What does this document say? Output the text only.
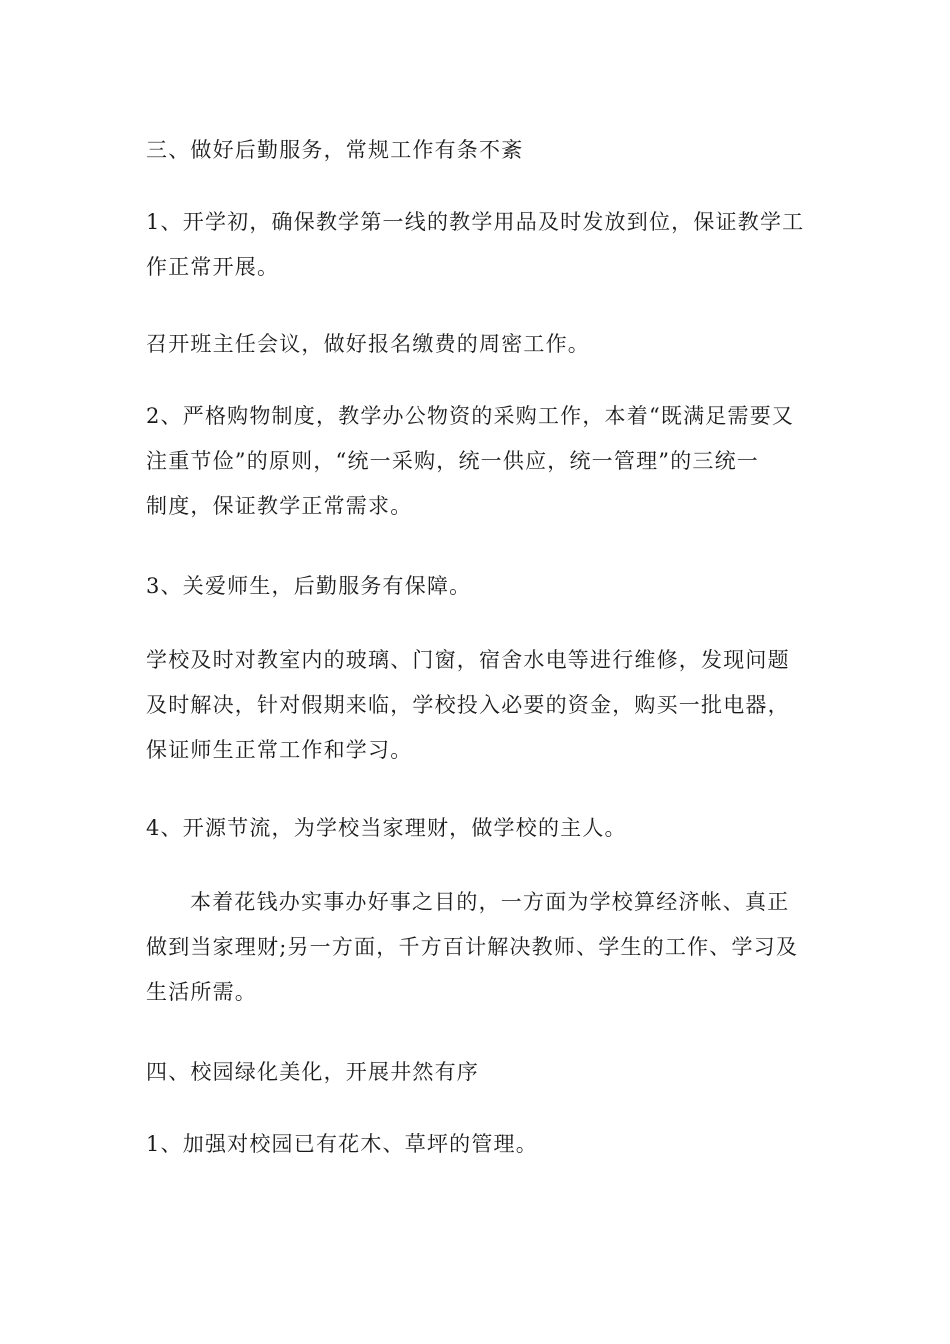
三、做好后勤服务，常规工作有条不紊

1、开学初，确保教学第一线的教学用品及时发放到位，保证教学工
作正常开展。

召开班主任会议，做好报名缴费的周密工作。

2、严格购物制度，教学办公物资的采购工作，本着“既满足需要又
注重节俭”的原则，“统一采购，统一供应，统一管理”的三统一
制度，保证教学正常需求。

3、关爱师生，后勤服务有保障。

学校及时对教室内的玻璃、门窗，宿舍水电等进行维修，发现问题
及时解决，针对假期来临，学校投入必要的资金，购买一批电器，
保证师生正常工作和学习。

4、开源节流，为学校当家理财，做学校的主人。

本着花钱办实事办好事之目的，一方面为学校算经济帐、真正
做到当家理财;另一方面，千方百计解决教师、学生的工作、学习及
生活所需。

四、校园绿化美化，开展井然有序

1、加强对校园已有花木、草坪的管理。
